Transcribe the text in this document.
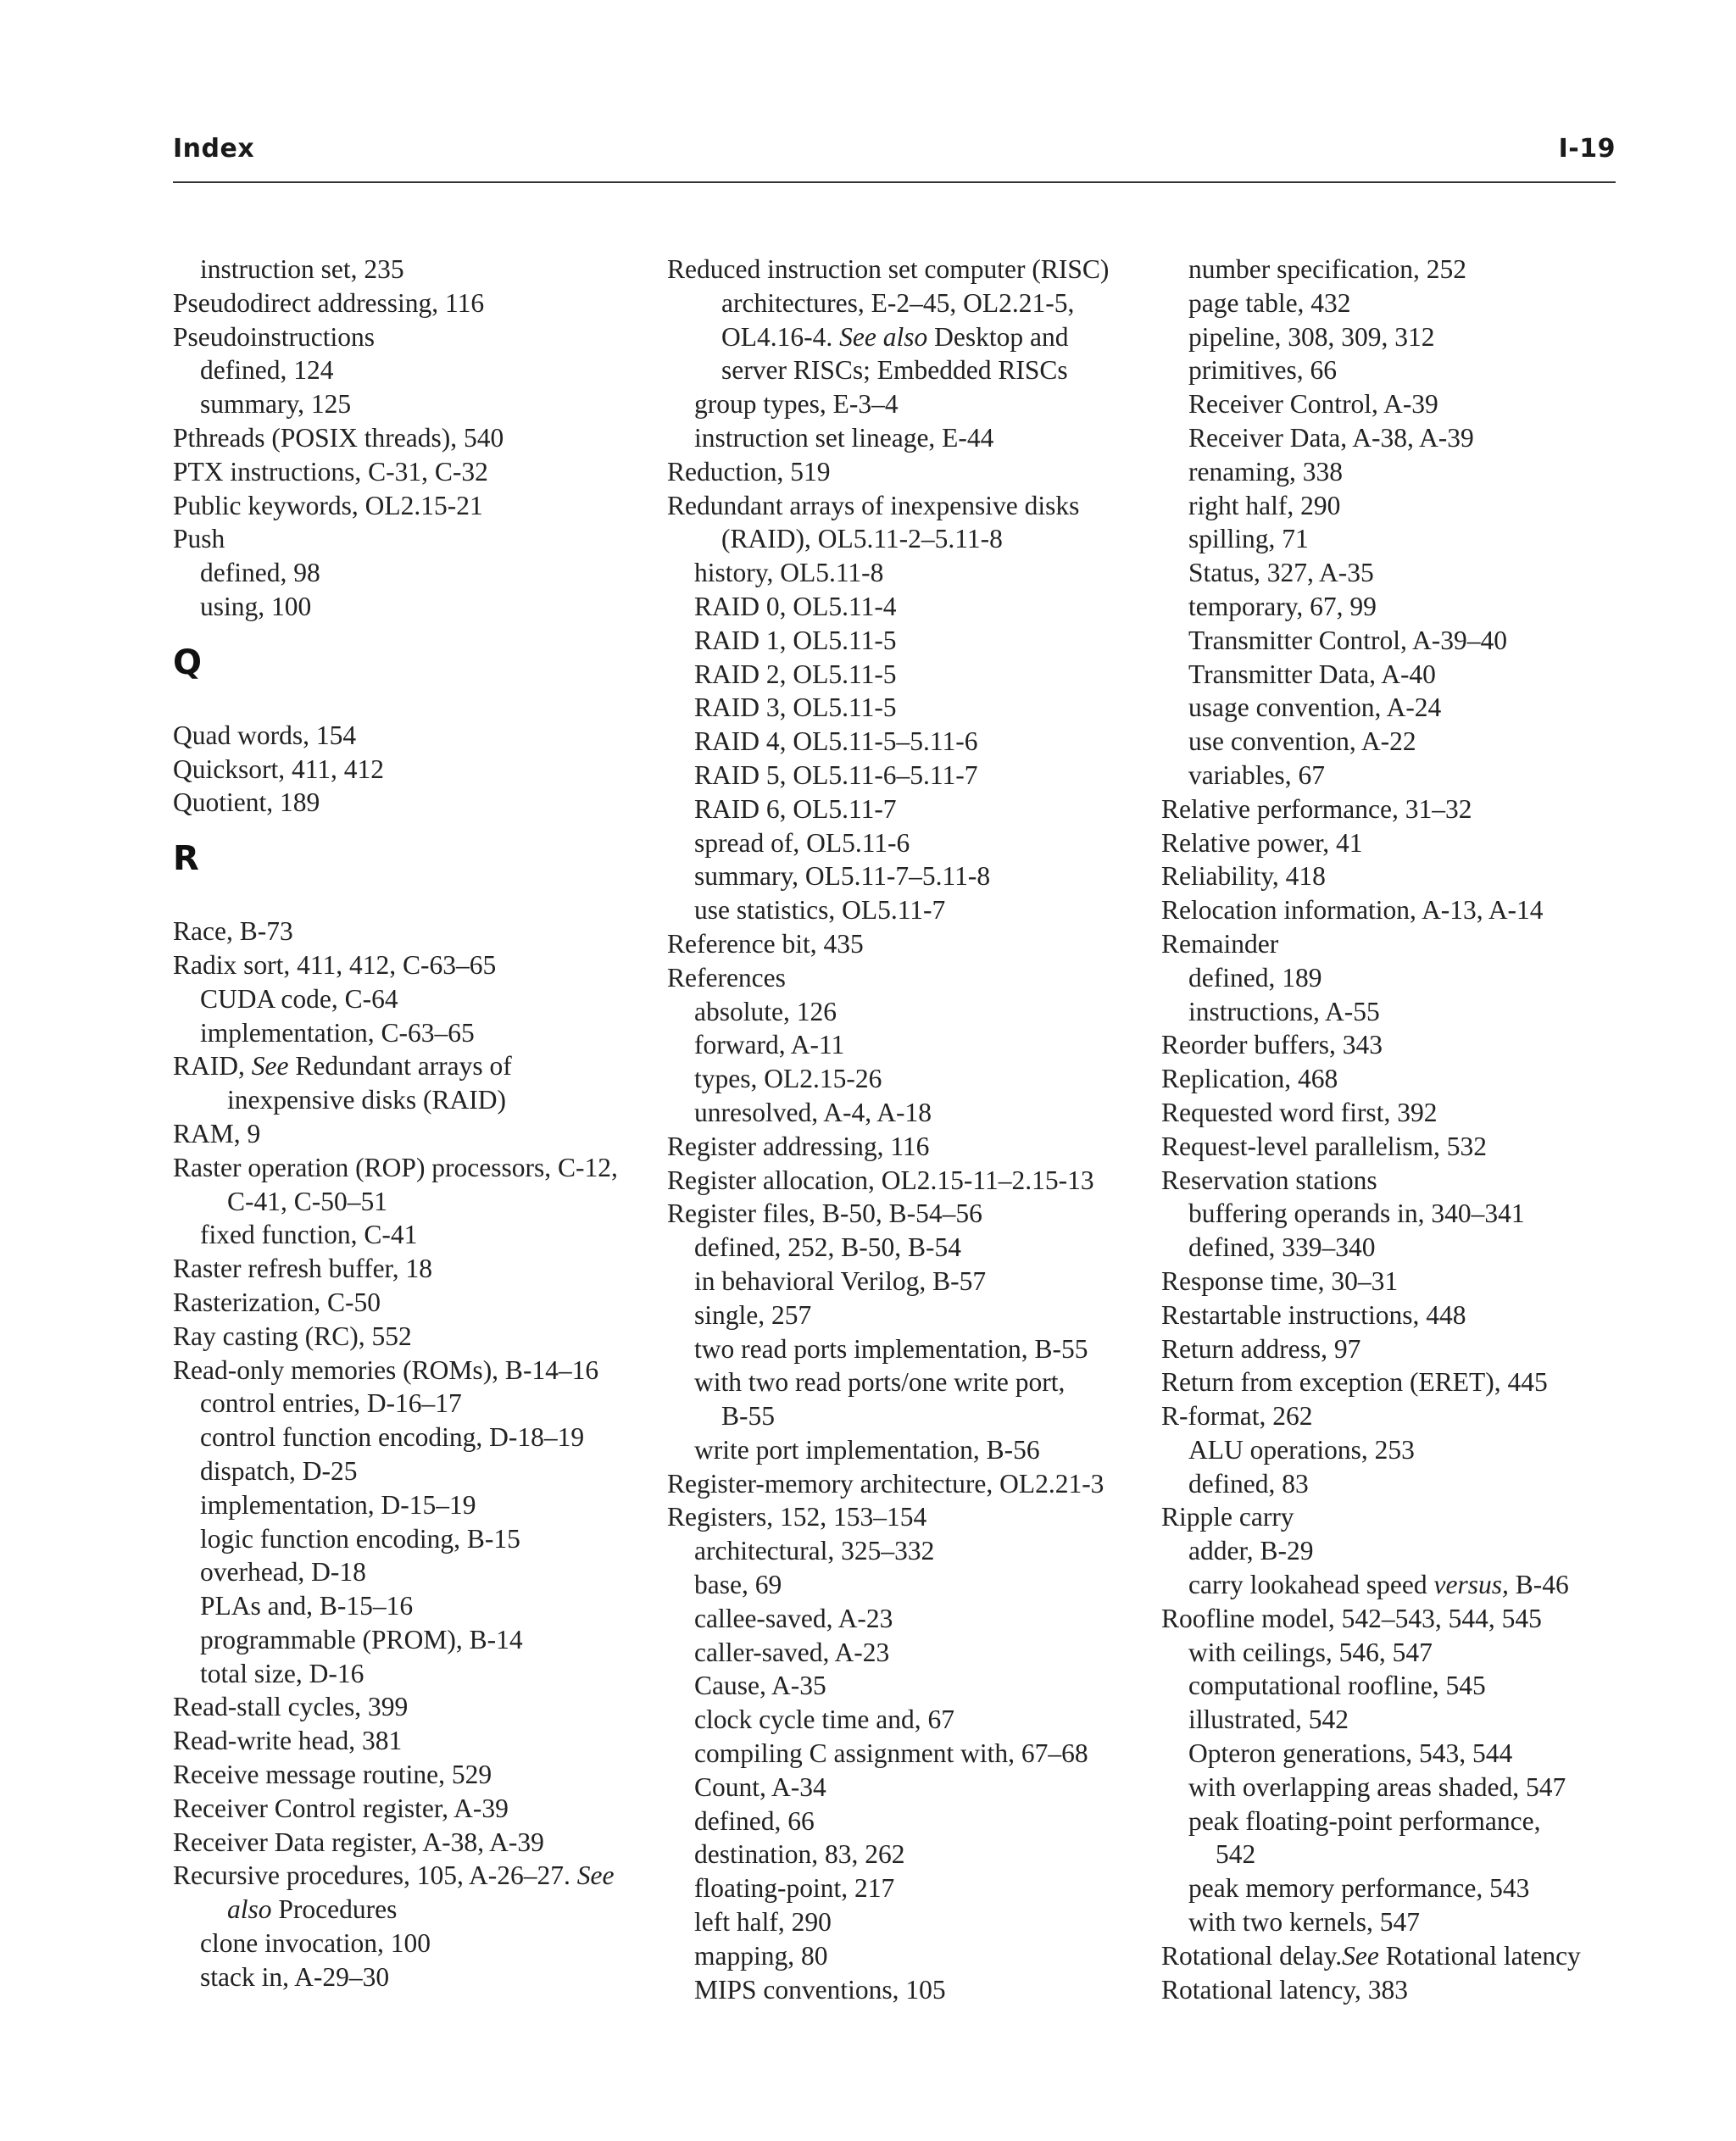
Index	I-19
instruction set, 235
Pseudodirect addressing, 116
Pseudoinstructions
defined, 124
summary, 125
Pthreads (POSIX threads), 540
PTX instructions, C-31, C-32
Public keywords, OL2.15-21
Push
defined, 98
using, 100
Q
Quad words, 154
Quicksort, 411, 412
Quotient, 189
R
Race, B-73
Radix sort, 411, 412, C-63–65
CUDA code, C-64
implementation, C-63–65
RAID, See Redundant arrays of
inexpensive disks (RAID)
RAM, 9
Raster operation (ROP) processors, C-12,
C-41, C-50–51
fixed function, C-41
Raster refresh buffer, 18
Rasterization, C-50
Ray casting (RC), 552
Read-only memories (ROMs), B-14–16
control entries, D-16–17
control function encoding, D-18–19
dispatch, D-25
implementation, D-15–19
logic function encoding, B-15
overhead, D-18
PLAs and, B-15–16
programmable (PROM), B-14
total size, D-16
Read-stall cycles, 399
Read-write head, 381
Receive message routine, 529
Receiver Control register, A-39
Receiver Data register, A-38, A-39
Recursive procedures, 105, A-26–27. See
also Procedures
clone invocation, 100
stack in, A-29–30
Reduced instruction set computer (RISC)
architectures, E-2–45, OL2.21-5,
OL4.16-4. See also Desktop and
server RISCs; Embedded RISCs
group types, E-3–4
instruction set lineage, E-44
Reduction, 519
Redundant arrays of inexpensive disks
(RAID), OL5.11-2–5.11-8
history, OL5.11-8
RAID 0, OL5.11-4
RAID 1, OL5.11-5
RAID 2, OL5.11-5
RAID 3, OL5.11-5
RAID 4, OL5.11-5–5.11-6
RAID 5, OL5.11-6–5.11-7
RAID 6, OL5.11-7
spread of, OL5.11-6
summary, OL5.11-7–5.11-8
use statistics, OL5.11-7
Reference bit, 435
References
absolute, 126
forward, A-11
types, OL2.15-26
unresolved, A-4, A-18
Register addressing, 116
Register allocation, OL2.15-11–2.15-13
Register files, B-50, B-54–56
defined, 252, B-50, B-54
in behavioral Verilog, B-57
single, 257
two read ports implementation, B-55
with two read ports/one write port,
B-55
write port implementation, B-56
Register-memory architecture, OL2.21-3
Registers, 152, 153–154
architectural, 325–332
base, 69
callee-saved, A-23
caller-saved, A-23
Cause, A-35
clock cycle time and, 67
compiling C assignment with, 67–68
Count, A-34
defined, 66
destination, 83, 262
floating-point, 217
left half, 290
mapping, 80
MIPS conventions, 105
number specification, 252
page table, 432
pipeline, 308, 309, 312
primitives, 66
Receiver Control, A-39
Receiver Data, A-38, A-39
renaming, 338
right half, 290
spilling, 71
Status, 327, A-35
temporary, 67, 99
Transmitter Control, A-39–40
Transmitter Data, A-40
usage convention, A-24
use convention, A-22
variables, 67
Relative performance, 31–32
Relative power, 41
Reliability, 418
Relocation information, A-13, A-14
Remainder
defined, 189
instructions, A-55
Reorder buffers, 343
Replication, 468
Requested word first, 392
Request-level parallelism, 532
Reservation stations
buffering operands in, 340–341
defined, 339–340
Response time, 30–31
Restartable instructions, 448
Return address, 97
Return from exception (ERET), 445
R-format, 262
ALU operations, 253
defined, 83
Ripple carry
adder, B-29
carry lookahead speed versus, B-46
Roofline model, 542–543, 544, 545
with ceilings, 546, 547
computational roofline, 545
illustrated, 542
Opteron generations, 543, 544
with overlapping areas shaded, 547
peak floating-point performance,
542
peak memory performance, 543
with two kernels, 547
Rotational delay.See Rotational latency
Rotational latency, 383
